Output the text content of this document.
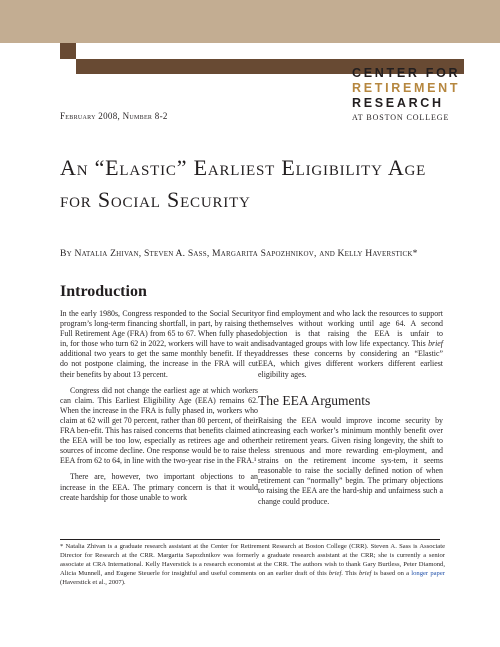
CENTER FOR
RETIREMENT
RESEARCH
AT BOSTON COLLEGE
February 2008, Number 8-2
An “Elastic” Earliest Eligibility Age for Social Security
By Natalia Zhivan, Steven A. Sass, Margarita Sapozhnikov, and Kelly Haverstick*
Introduction

In the early 1980s, Congress responded to the Social Security program’s long-term financing shortfall, in part, by raising the Full Retirement Age (FRA) from 65 to 67. When fully phased in, for those who turn 62 in 2022, workers will have to wait an additional two years to get the same monthly benefit. If they do not postpone claiming, the increase in the FRA will cut their benefits by about 13 percent.

Congress did not change the earliest age at which workers can claim. This Earliest Eligibility Age (EEA) remains 62. When the increase in the FRA is fully phased in, workers who claim at 62 will get 70 percent, rather than 80 percent, of their FRA ben-efit. This has raised concerns that benefits claimed at the EEA will be too low, especially as retirees age and other sources of income decline. One response would be to raise the EEA from 62 to 64, in line with the two-year rise in the FRA.¹

There are, however, two important objections to an increase in the EEA. The primary concern is that it would create hardship for those unable to work

or find employment and who lack the resources to support themselves without working until age 64. A second objection is that raising the EEA is unfair to disadvantaged groups with low life expectancy. This brief addresses these concerns by considering an “Elastic” EEA, which gives different workers different earliest eligibility ages.

The EEA Arguments

Raising the EEA would improve income security by increasing each worker’s minimum monthly benefit over their retirement years. Given rising longevity, the shift to less strenuous and more rewarding em-ployment, and strains on the retirement income sys-tem, it seems reasonable to raise the socially defined notion of when retirement can “normally” begin. The primary objections to raising the EEA are the hard-ship and unfairness such a change could produce.

* Natalia Zhivan is a graduate research assistant at the Center for Retirement Research at Boston College (CRR). Steven A. Sass is Associate Director for Research at the CRR. Margarita Sapozhnikov was formerly a graduate research assistant at the CRR; she is currently a senior associate at CRA International. Kelly Haverstick is a research economist at the CRR. The authors wish to thank Gary Burtless, Peter Diamond, Alicia Munnell, and Eugene Steuerle for insightful and useful comments on an earlier draft of this brief. This brief is based on a longer paper (Haverstick et al., 2007).
